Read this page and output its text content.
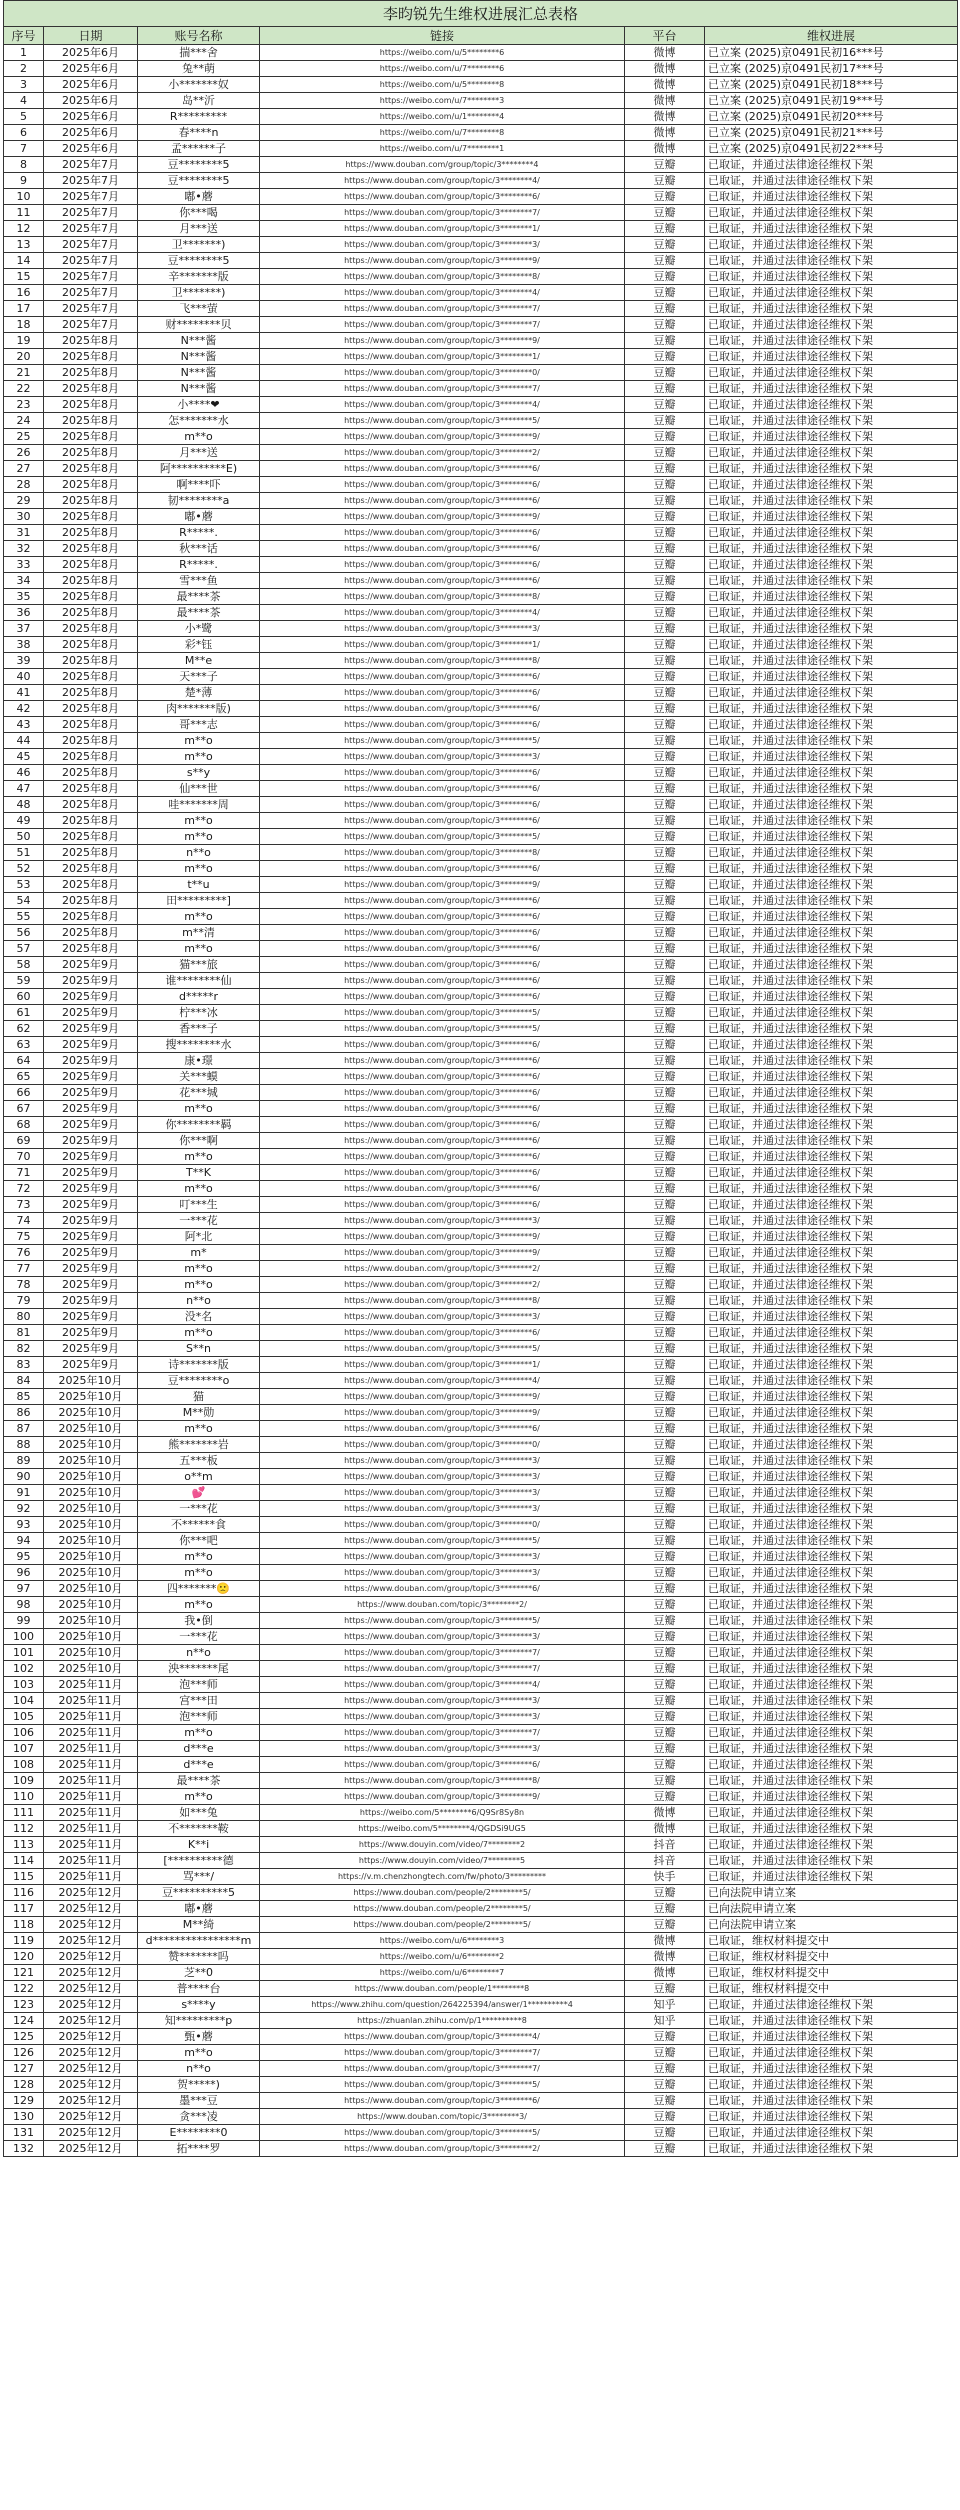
李昀锐先生维权进展汇总表格					
序号	日期	账号名称	链接	平台	维权进展
1	2025年6月	揣***舍	https://weibo.com/u/5********6	微博	已立案 (2025)京0491民初16***号
2	2025年6月	兔**萌	https://weibo.com/u/7********6	微博	已立案 (2025)京0491民初17***号
3	2025年6月	小*******奴	https://weibo.com/u/5********8	微博	已立案 (2025)京0491民初18***号
4	2025年6月	岛**沂	https://weibo.com/u/7********3	微博	已立案 (2025)京0491民初19***号
5	2025年6月	R*********	https://weibo.com/u/1********4	微博	已立案 (2025)京0491民初20***号
6	2025年6月	春****n	https://weibo.com/u/7********8	微博	已立案 (2025)京0491民初21***号
7	2025年6月	孟******子	https://weibo.com/u/7********1	微博	已立案 (2025)京0491民初22***号
8	2025年7月	豆********5	https://www.douban.com/group/topic/3********4	豆瓣	已取证，并通过法律途径维权下架
9	2025年7月	豆********5	https://www.douban.com/group/topic/3********4/	豆瓣	已取证，并通过法律途径维权下架
10	2025年7月	嘟•蘑	https://www.douban.com/group/topic/3********6/	豆瓣	已取证，并通过法律途径维权下架
11	2025年7月	你***喝	https://www.douban.com/group/topic/3********7/	豆瓣	已取证，并通过法律途径维权下架
12	2025年7月	月***送	https://www.douban.com/group/topic/3********1/	豆瓣	已取证，并通过法律途径维权下架
13	2025年7月	卫*******)	https://www.douban.com/group/topic/3********3/	豆瓣	已取证，并通过法律途径维权下架
14	2025年7月	豆********5	https://www.douban.com/group/topic/3********9/	豆瓣	已取证，并通过法律途径维权下架
15	2025年7月	辛*******版	https://www.douban.com/group/topic/3********8/	豆瓣	已取证，并通过法律途径维权下架
16	2025年7月	卫*******)	https://www.douban.com/group/topic/3********4/	豆瓣	已取证，并通过法律途径维权下架
17	2025年7月	飞***萤	https://www.douban.com/group/topic/3********7/	豆瓣	已取证，并通过法律途径维权下架
18	2025年7月	财********贝	https://www.douban.com/group/topic/3********7/	豆瓣	已取证，并通过法律途径维权下架
19	2025年8月	N***酱	https://www.douban.com/group/topic/3********9/	豆瓣	已取证，并通过法律途径维权下架
20	2025年8月	N***酱	https://www.douban.com/group/topic/3********1/	豆瓣	已取证，并通过法律途径维权下架
21	2025年8月	N***酱	https://www.douban.com/group/topic/3********0/	豆瓣	已取证，并通过法律途径维权下架
22	2025年8月	N***酱	https://www.douban.com/group/topic/3********7/	豆瓣	已取证，并通过法律途径维权下架
23	2025年8月	小****❤	https://www.douban.com/group/topic/3********4/	豆瓣	已取证，并通过法律途径维权下架
24	2025年8月	怎*******水	https://www.douban.com/group/topic/3********5/	豆瓣	已取证，并通过法律途径维权下架
25	2025年8月	m**o	https://www.douban.com/group/topic/3********9/	豆瓣	已取证，并通过法律途径维权下架
26	2025年8月	月***送	https://www.douban.com/group/topic/3********2/	豆瓣	已取证，并通过法律途径维权下架
27	2025年8月	阿**********E)	https://www.douban.com/group/topic/3********6/	豆瓣	已取证，并通过法律途径维权下架
28	2025年8月	啊****吓	https://www.douban.com/group/topic/3********6/	豆瓣	已取证，并通过法律途径维权下架
29	2025年8月	韧********a	https://www.douban.com/group/topic/3********6/	豆瓣	已取证，并通过法律途径维权下架
30	2025年8月	嘟•蘑	https://www.douban.com/group/topic/3********9/	豆瓣	已取证，并通过法律途径维权下架
31	2025年8月	R*****.	https://www.douban.com/group/topic/3********6/	豆瓣	已取证，并通过法律途径维权下架
32	2025年8月	秋***话	https://www.douban.com/group/topic/3********6/	豆瓣	已取证，并通过法律途径维权下架
33	2025年8月	R*****.	https://www.douban.com/group/topic/3********6/	豆瓣	已取证，并通过法律途径维权下架
34	2025年8月	雪***鱼	https://www.douban.com/group/topic/3********6/	豆瓣	已取证，并通过法律途径维权下架
35	2025年8月	最****茶	https://www.douban.com/group/topic/3********8/	豆瓣	已取证，并通过法律途径维权下架
36	2025年8月	最****茶	https://www.douban.com/group/topic/3********4/	豆瓣	已取证，并通过法律途径维权下架
37	2025年8月	小*鹭	https://www.douban.com/group/topic/3********3/	豆瓣	已取证，并通过法律途径维权下架
38	2025年8月	彩*钰	https://www.douban.com/group/topic/3********1/	豆瓣	已取证，并通过法律途径维权下架
39	2025年8月	M**e	https://www.douban.com/group/topic/3********8/	豆瓣	已取证，并通过法律途径维权下架
40	2025年8月	天***子	https://www.douban.com/group/topic/3********6/	豆瓣	已取证，并通过法律途径维权下架
41	2025年8月	楚*薄	https://www.douban.com/group/topic/3********6/	豆瓣	已取证，并通过法律途径维权下架
42	2025年8月	肉*******版)	https://www.douban.com/group/topic/3********6/	豆瓣	已取证，并通过法律途径维权下架
43	2025年8月	哥***志	https://www.douban.com/group/topic/3********6/	豆瓣	已取证，并通过法律途径维权下架
44	2025年8月	m**o	https://www.douban.com/group/topic/3********5/	豆瓣	已取证，并通过法律途径维权下架
45	2025年8月	m**o	https://www.douban.com/group/topic/3********3/	豆瓣	已取证，并通过法律途径维权下架
46	2025年8月	s**y	https://www.douban.com/group/topic/3********6/	豆瓣	已取证，并通过法律途径维权下架
47	2025年8月	仙***世	https://www.douban.com/group/topic/3********6/	豆瓣	已取证，并通过法律途径维权下架
48	2025年8月	哇*******周	https://www.douban.com/group/topic/3********6/	豆瓣	已取证，并通过法律途径维权下架
49	2025年8月	m**o	https://www.douban.com/group/topic/3********6/	豆瓣	已取证，并通过法律途径维权下架
50	2025年8月	m**o	https://www.douban.com/group/topic/3********5/	豆瓣	已取证，并通过法律途径维权下架
51	2025年8月	n**o	https://www.douban.com/group/topic/3********8/	豆瓣	已取证，并通过法律途径维权下架
52	2025年8月	m**o	https://www.douban.com/group/topic/3********6/	豆瓣	已取证，并通过法律途径维权下架
53	2025年8月	t**u	https://www.douban.com/group/topic/3********9/	豆瓣	已取证，并通过法律途径维权下架
54	2025年8月	田*********]	https://www.douban.com/group/topic/3********6/	豆瓣	已取证，并通过法律途径维权下架
55	2025年8月	m**o	https://www.douban.com/group/topic/3********6/	豆瓣	已取证，并通过法律途径维权下架
56	2025年8月	m**清	https://www.douban.com/group/topic/3********6/	豆瓣	已取证，并通过法律途径维权下架
57	2025年8月	m**o	https://www.douban.com/group/topic/3********6/	豆瓣	已取证，并通过法律途径维权下架
58	2025年9月	猫***旅	https://www.douban.com/group/topic/3********6/	豆瓣	已取证，并通过法律途径维权下架
59	2025年9月	谁********仙	https://www.douban.com/group/topic/3********6/	豆瓣	已取证，并通过法律途径维权下架
60	2025年9月	d*****r	https://www.douban.com/group/topic/3********6/	豆瓣	已取证，并通过法律途径维权下架
61	2025年9月	柠***冰	https://www.douban.com/group/topic/3********5/	豆瓣	已取证，并通过法律途径维权下架
62	2025年9月	香***子	https://www.douban.com/group/topic/3********5/	豆瓣	已取证，并通过法律途径维权下架
63	2025年9月	搜********水	https://www.douban.com/group/topic/3********6/	豆瓣	已取证，并通过法律途径维权下架
64	2025年9月	康•璟	https://www.douban.com/group/topic/3********6/	豆瓣	已取证，并通过法律途径维权下架
65	2025年9月	关***蟆	https://www.douban.com/group/topic/3********6/	豆瓣	已取证，并通过法律途径维权下架
66	2025年9月	花***城	https://www.douban.com/group/topic/3********6/	豆瓣	已取证，并通过法律途径维权下架
67	2025年9月	m**o	https://www.douban.com/group/topic/3********6/	豆瓣	已取证，并通过法律途径维权下架
68	2025年9月	你********羁	https://www.douban.com/group/topic/3********6/	豆瓣	已取证，并通过法律途径维权下架
69	2025年9月	你***啊	https://www.douban.com/group/topic/3********6/	豆瓣	已取证，并通过法律途径维权下架
70	2025年9月	m**o	https://www.douban.com/group/topic/3********6/	豆瓣	已取证，并通过法律途径维权下架
71	2025年9月	T**K	https://www.douban.com/group/topic/3********6/	豆瓣	已取证，并通过法律途径维权下架
72	2025年9月	m**o	https://www.douban.com/group/topic/3********6/	豆瓣	已取证，并通过法律途径维权下架
73	2025年9月	叮***生	https://www.douban.com/group/topic/3********6/	豆瓣	已取证，并通过法律途径维权下架
74	2025年9月	一***花	https://www.douban.com/group/topic/3********3/	豆瓣	已取证，并通过法律途径维权下架
75	2025年9月	阿*北	https://www.douban.com/group/topic/3********9/	豆瓣	已取证，并通过法律途径维权下架
76	2025年9月	m*	https://www.douban.com/group/topic/3********9/	豆瓣	已取证，并通过法律途径维权下架
77	2025年9月	m**o	https://www.douban.com/group/topic/3********2/	豆瓣	已取证，并通过法律途径维权下架
78	2025年9月	m**o	https://www.douban.com/group/topic/3********2/	豆瓣	已取证，并通过法律途径维权下架
79	2025年9月	n**o	https://www.douban.com/group/topic/3********8/	豆瓣	已取证，并通过法律途径维权下架
80	2025年9月	没*名	https://www.douban.com/group/topic/3********3/	豆瓣	已取证，并通过法律途径维权下架
81	2025年9月	m**o	https://www.douban.com/group/topic/3********6/	豆瓣	已取证，并通过法律途径维权下架
82	2025年9月	S**n	https://www.douban.com/group/topic/3********5/	豆瓣	已取证，并通过法律途径维权下架
83	2025年9月	诗*******版	https://www.douban.com/group/topic/3********1/	豆瓣	已取证，并通过法律途径维权下架
84	2025年10月	豆********o	https://www.douban.com/group/topic/3********4/	豆瓣	已取证，并通过法律途径维权下架
85	2025年10月	猫	https://www.douban.com/group/topic/3********9/	豆瓣	已取证，并通过法律途径维权下架
86	2025年10月	M**勋	https://www.douban.com/group/topic/3********9/	豆瓣	已取证，并通过法律途径维权下架
87	2025年10月	m**o	https://www.douban.com/group/topic/3********6/	豆瓣	已取证，并通过法律途径维权下架
88	2025年10月	熊*******岩	https://www.douban.com/group/topic/3********0/	豆瓣	已取证，并通过法律途径维权下架
89	2025年10月	五***板	https://www.douban.com/group/topic/3********3/	豆瓣	已取证，并通过法律途径维权下架
90	2025年10月	o**m	https://www.douban.com/group/topic/3********3/	豆瓣	已取证，并通过法律途径维权下架
91	2025年10月	💕	https://www.douban.com/group/topic/3********3/	豆瓣	已取证，并通过法律途径维权下架
92	2025年10月	一***花	https://www.douban.com/group/topic/3********3/	豆瓣	已取证，并通过法律途径维权下架
93	2025年10月	不******食	https://www.douban.com/group/topic/3********0/	豆瓣	已取证，并通过法律途径维权下架
94	2025年10月	你***吧	https://www.douban.com/group/topic/3********5/	豆瓣	已取证，并通过法律途径维权下架
95	2025年10月	m**o	https://www.douban.com/group/topic/3********3/	豆瓣	已取证，并通过法律途径维权下架
96	2025年10月	m**o	https://www.douban.com/group/topic/3********3/	豆瓣	已取证，并通过法律途径维权下架
97	2025年10月	四*******🙁	https://www.douban.com/group/topic/3********6/	豆瓣	已取证，并通过法律途径维权下架
98	2025年10月	m**o	https://www.douban.com/topic/3********2/	豆瓣	已取证，并通过法律途径维权下架
99	2025年10月	我•倒	https://www.douban.com/group/topic/3********5/	豆瓣	已取证，并通过法律途径维权下架
100	2025年10月	一***花	https://www.douban.com/group/topic/3********3/	豆瓣	已取证，并通过法律途径维权下架
101	2025年10月	n**o	https://www.douban.com/group/topic/3********7/	豆瓣	已取证，并通过法律途径维权下架
102	2025年10月	泱*******尾	https://www.douban.com/group/topic/3********7/	豆瓣	已取证，并通过法律途径维权下架
103	2025年11月	泡***师	https://www.douban.com/group/topic/3********4/	豆瓣	已取证，并通过法律途径维权下架
104	2025年11月	宫***田	https://www.douban.com/group/topic/3********3/	豆瓣	已取证，并通过法律途径维权下架
105	2025年11月	泡***师	https://www.douban.com/group/topic/3********3/	豆瓣	已取证，并通过法律途径维权下架
106	2025年11月	m**o	https://www.douban.com/group/topic/3********7/	豆瓣	已取证，并通过法律途径维权下架
107	2025年11月	d***e	https://www.douban.com/group/topic/3********3/	豆瓣	已取证，并通过法律途径维权下架
108	2025年11月	d***e	https://www.douban.com/group/topic/3********6/	豆瓣	已取证，并通过法律途径维权下架
109	2025年11月	最****茶	https://www.douban.com/group/topic/3********8/	豆瓣	已取证，并通过法律途径维权下架
110	2025年11月	m**o	https://www.douban.com/group/topic/3********9/	豆瓣	已取证，并通过法律途径维权下架
111	2025年11月	如***兔	https://weibo.com/5********6/Q9Sr8Sy8n	微博	已取证，并通过法律途径维权下架
112	2025年11月	不*******鞍	https://weibo.com/5********4/QGDSi9UG5	微博	已取证，并通过法律途径维权下架
113	2025年11月	K**i	https://www.douyin.com/video/7********2	抖音	已取证，并通过法律途径维权下架
114	2025年11月	[**********德	https://www.douyin.com/video/7********5	抖音	已取证，并通过法律途径维权下架
115	2025年11月	骂***/	https://v.m.chenzhongtech.com/fw/photo/3*********	快手	已取证，并通过法律途径维权下架
116	2025年12月	豆**********5	https://www.douban.com/people/2********5/	豆瓣	已向法院申请立案
117	2025年12月	嘟•蘑	https://www.douban.com/people/2********5/	豆瓣	已向法院申请立案
118	2025年12月	M**绮	https://www.douban.com/people/2********5/	豆瓣	已向法院申请立案
119	2025年12月	d****************m	https://weibo.com/u/6********3	微博	已取证，维权材料提交中
120	2025年12月	赞*******吗	https://weibo.com/u/6********2	微博	已取证，维权材料提交中
121	2025年12月	芝**0	https://weibo.com/u/6********7	微博	已取证，维权材料提交中
122	2025年12月	普****台	https://www.douban.com/people/1********8	豆瓣	已取证，维权材料提交中
123	2025年12月	s****y	https://www.zhihu.com/question/264225394/answer/1**********4	知乎	已取证，并通过法律途径维权下架
124	2025年12月	知*********p	https://zhuanlan.zhihu.com/p/1**********8	知乎	已取证，并通过法律途径维权下架
125	2025年12月	甄•蘑	https://www.douban.com/group/topic/3********4/	豆瓣	已取证，并通过法律途径维权下架
126	2025年12月	m**o	https://www.douban.com/group/topic/3********7/	豆瓣	已取证，并通过法律途径维权下架
127	2025年12月	n**o	https://www.douban.com/group/topic/3********7/	豆瓣	已取证，并通过法律途径维权下架
128	2025年12月	贺*****)	https://www.douban.com/group/topic/3********5/	豆瓣	已取证，并通过法律途径维权下架
129	2025年12月	墨***豆	https://www.douban.com/group/topic/3********6/	豆瓣	已取证，并通过法律途径维权下架
130	2025年12月	贪***凌	https://www.douban.com/topic/3********3/	豆瓣	已取证，并通过法律途径维权下架
131	2025年12月	E********0	https://www.douban.com/group/topic/3********5/	豆瓣	已取证，并通过法律途径维权下架
132	2025年12月	拓****罗	https://www.douban.com/group/topic/3********2/	豆瓣	已取证，并通过法律途径维权下架
